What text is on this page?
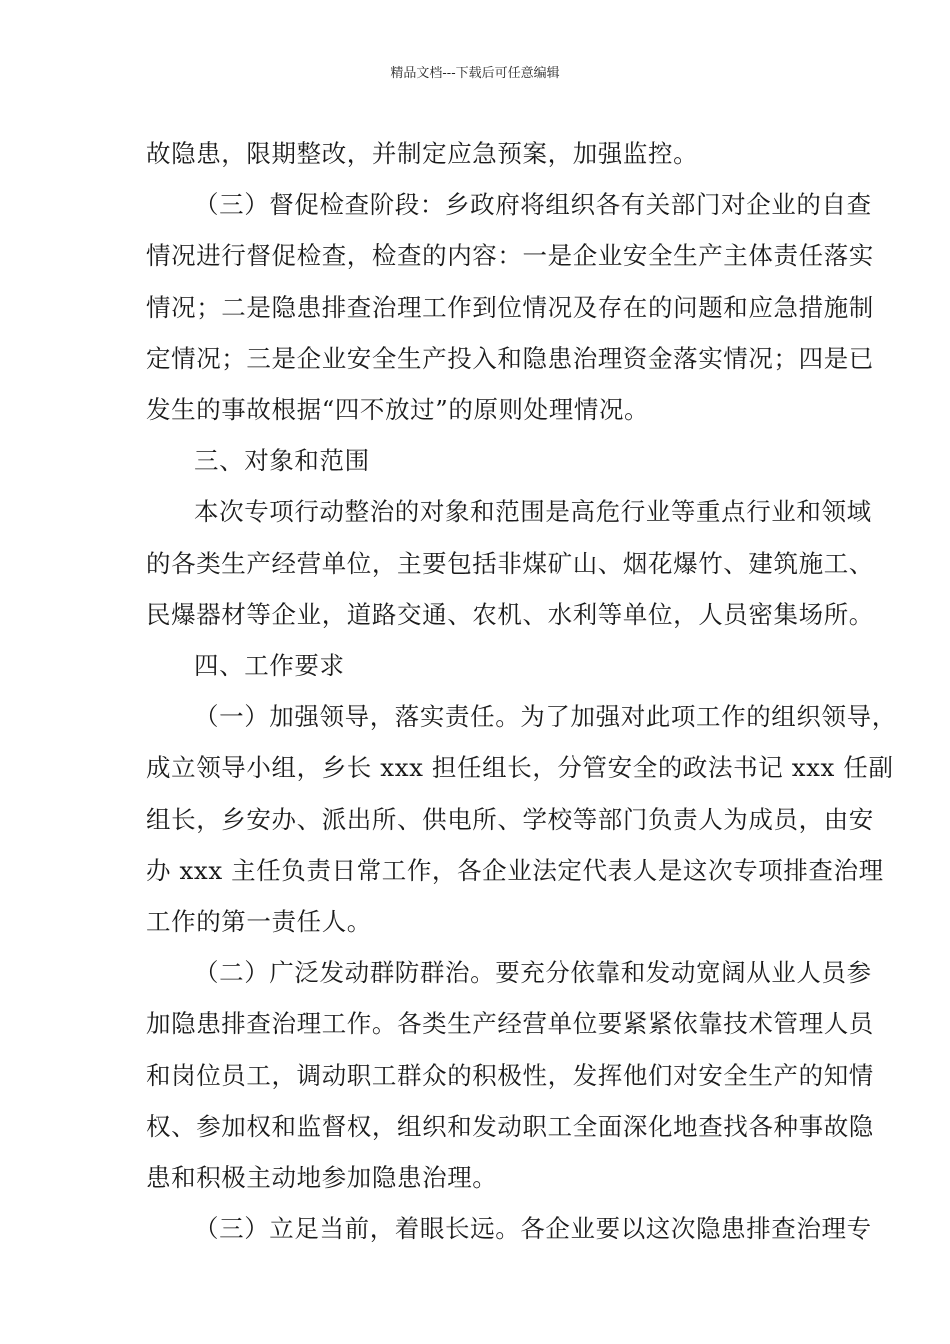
精品文档---下载后可任意编辑

故隐患，限期整改，并制定应急预案，加强监控。

（三）督促检查阶段：乡政府将组织各有关部门对企业的自查

情况进行督促检查，检查的内容：一是企业安全生产主体责任落实

情况；二是隐患排查治理工作到位情况及存在的问题和应急措施制

定情况；三是企业安全生产投入和隐患治理资金落实情况；四是已

发生的事故根据“四不放过”的原则处理情况。

三、对象和范围

本次专项行动整治的对象和范围是高危行业等重点行业和领域

的各类生产经营单位，主要包括非煤矿山、烟花爆竹、建筑施工、

民爆器材等企业，道路交通、农机、水利等单位，人员密集场所。

四、工作要求

（一）加强领导，落实责任。为了加强对此项工作的组织领导，

成立领导小组，乡长 xxx 担任组长，分管安全的政法书记 xxx 任副

组长，乡安办、派出所、供电所、学校等部门负责人为成员，由安

办 xxx 主任负责日常工作，各企业法定代表人是这次专项排查治理

工作的第一责任人。

（二）广泛发动群防群治。要充分依靠和发动宽阔从业人员参

加隐患排查治理工作。各类生产经营单位要紧紧依靠技术管理人员

和岗位员工，调动职工群众的积极性，发挥他们对安全生产的知情

权、参加权和监督权，组织和发动职工全面深化地查找各种事故隐

患和积极主动地参加隐患治理。

（三）立足当前，着眼长远。各企业要以这次隐患排查治理专
